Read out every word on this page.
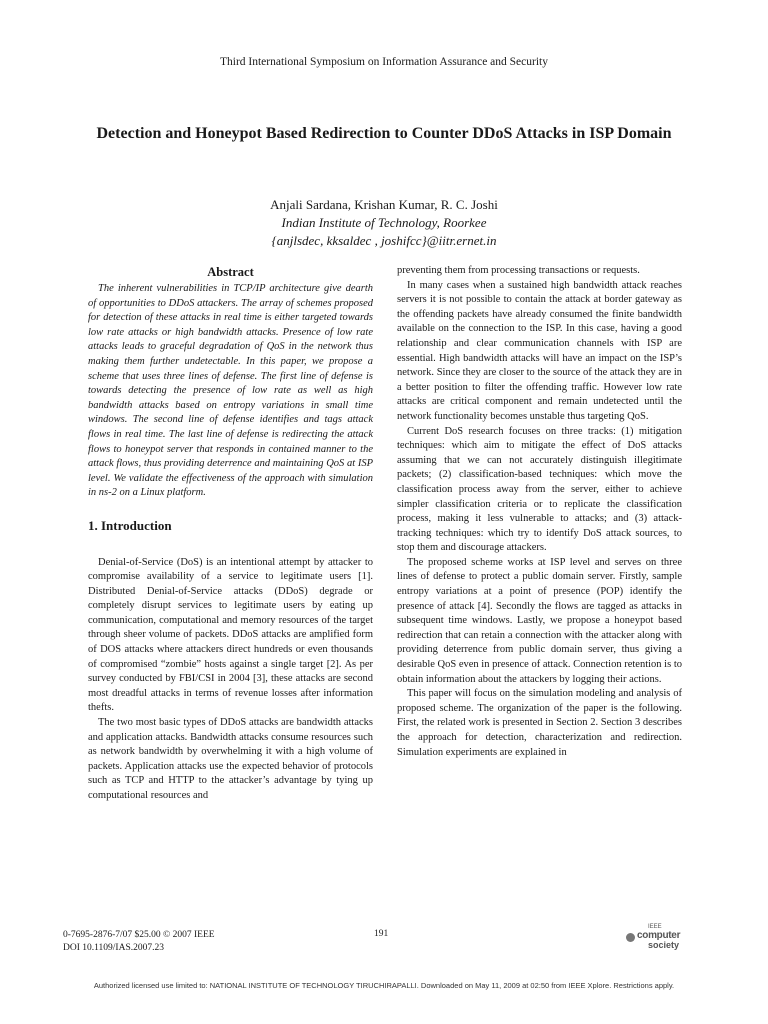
Third International Symposium on Information Assurance and Security
Detection and Honeypot Based Redirection to Counter DDoS Attacks in ISP Domain
Anjali Sardana, Krishan Kumar, R. C. Joshi
Indian Institute of Technology, Roorkee
{anjlsdec, kksaldec , joshifcc}@iitr.ernet.in
Abstract

The inherent vulnerabilities in TCP/IP architecture give dearth of opportunities to DDoS attackers. The array of schemes proposed for detection of these attacks in real time is either targeted towards low rate attacks or high bandwidth attacks. Presence of low rate attacks leads to graceful degradation of QoS in the network thus making them further undetectable. In this paper, we propose a scheme that uses three lines of defense. The first line of defense is towards detecting the presence of low rate as well as high bandwidth attacks based on entropy variations in small time windows. The second line of defense identifies and tags attack flows in real time. The last line of defense is redirecting the attack flows to honeypot server that responds in contained manner to the attack flows, thus providing deterrence and maintaining QoS at ISP level. We validate the effectiveness of the approach with simulation in ns-2 on a Linux platform.

1. Introduction

Denial-of-Service (DoS) is an intentional attempt by attacker to compromise availability of a service to legitimate users [1]. Distributed Denial-of-Service attacks (DDoS) degrade or completely disrupt services to legitimate users by eating up communication, computational and memory resources of the target through sheer volume of packets. DDoS attacks are amplified form of DOS attacks where attackers direct hundreds or even thousands of compromised “zombie” hosts against a single target [2]. As per survey conducted by FBI/CSI in 2004 [3], these attacks are second most dreadful attacks in terms of revenue losses after information thefts.

The two most basic types of DDoS attacks are bandwidth attacks and application attacks. Bandwidth attacks consume resources such as network bandwidth by overwhelming it with a high volume of packets. Application attacks use the expected behavior of protocols such as TCP and HTTP to the attacker’s advantage by tying up computational resources and

preventing them from processing transactions or requests.

In many cases when a sustained high bandwidth attack reaches servers it is not possible to contain the attack at border gateway as the offending packets have already consumed the finite bandwidth available on the connection to the ISP. In this case, having a good relationship and clear communication channels with ISP are essential. High bandwidth attacks will have an impact on the ISP’s network. Since they are closer to the source of the attack they are in a better position to filter the offending traffic. However low rate attacks are critical component and remain undetected until the network functionality becomes unstable thus targeting QoS.

Current DoS research focuses on three tracks: (1) mitigation techniques: which aim to mitigate the effect of DoS attacks assuming that we can not accurately distinguish illegitimate packets; (2) classification-based techniques: which move the classification process away from the server, either to achieve simpler classification criteria or to replicate the classification process, making it less vulnerable to attacks; and (3) attack-tracking techniques: which try to identify DoS attack sources, to stop them and discourage attackers.

The proposed scheme works at ISP level and serves on three lines of defense to protect a public domain server. Firstly, sample entropy variations at a point of presence (POP) identify the presence of attack [4]. Secondly the flows are tagged as attacks in subsequent time windows. Lastly, we propose a honeypot based redirection that can retain a connection with the attacker along with providing deterrence from public domain server, thus giving a desirable QoS even in presence of attack. Connection retention is to obtain information about the attackers by logging their actions.

This paper will focus on the simulation modeling and analysis of proposed scheme. The organization of the paper is the following. First, the related work is presented in Section 2. Section 3 describes the approach for detection, characterization and redirection. Simulation experiments are explained in

0-7695-2876-7/07 $25.00 © 2007 IEEE
DOI 10.1109/IAS.2007.23
191
IEEE
computer
society
Authorized licensed use limited to: NATIONAL INSTITUTE OF TECHNOLOGY TIRUCHIRAPALLI. Downloaded on May 11, 2009 at 02:50 from IEEE Xplore. Restrictions apply.
